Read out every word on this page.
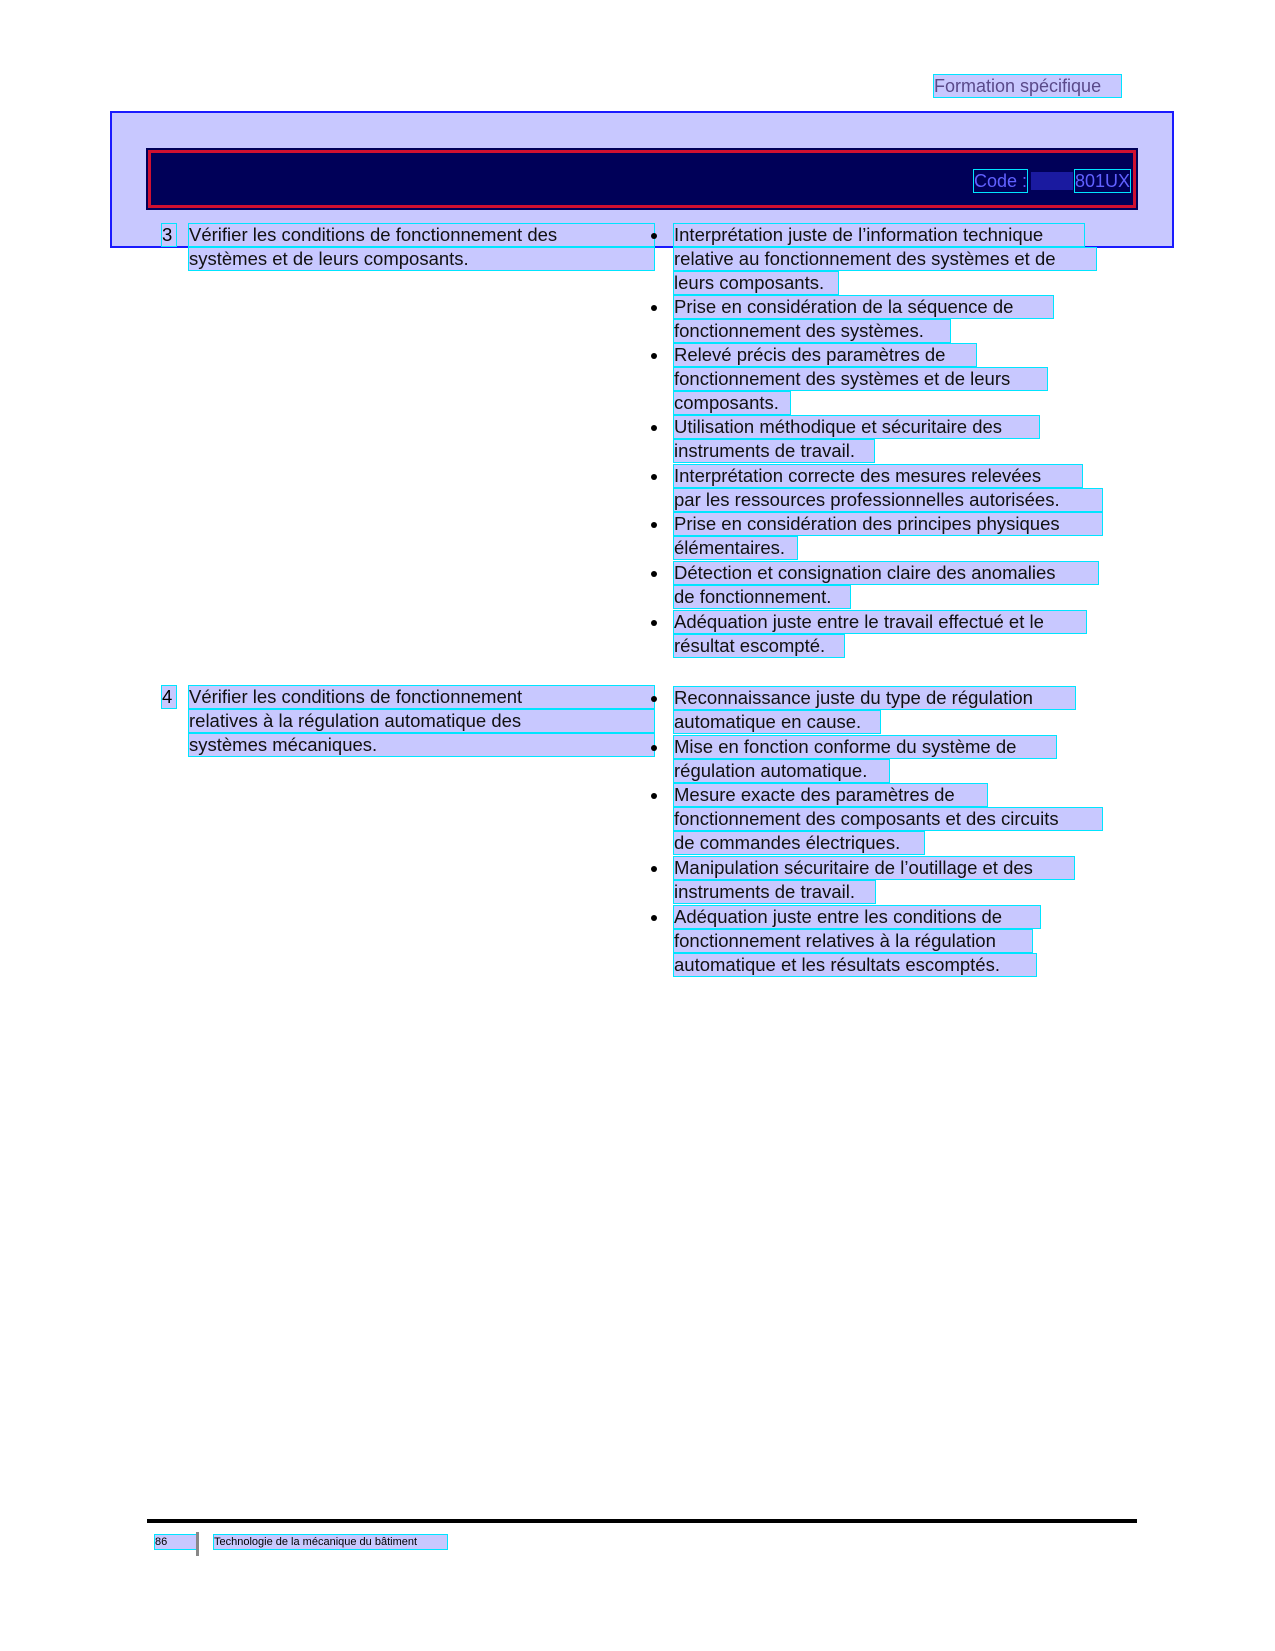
Formation spécifique
Code :	801UX
3 Vérifier les conditions de fonctionnement des
systèmes et de leurs composants.
Interprétation juste de l’information technique
relative au fonctionnement des systèmes et de
leurs composants.
Prise en considération de la séquence de
fonctionnement des systèmes.
Relevé précis des paramètres de
fonctionnement des systèmes et de leurs
composants.
Utilisation méthodique et sécuritaire des
instruments de travail.
Interprétation correcte des mesures relevées
par les ressources professionnelles autorisées.
Prise en considération des principes physiques
élémentaires.
Détection et consignation claire des anomalies
de fonctionnement.
Adéquation juste entre le travail effectué et le
résultat escompté.
4 Vérifier les conditions de fonctionnement
relatives à la régulation automatique des
systèmes mécaniques.
Reconnaissance juste du type de régulation
automatique en cause.
Mise en fonction conforme du système de
régulation automatique.
Mesure exacte des paramètres de
fonctionnement des composants et des circuits
de commandes électriques.
Manipulation sécuritaire de l’outillage et des
instruments de travail.
Adéquation juste entre les conditions de
fonctionnement relatives à la régulation
automatique et les résultats escomptés.
86	Technologie de la mécanique du bâtiment
